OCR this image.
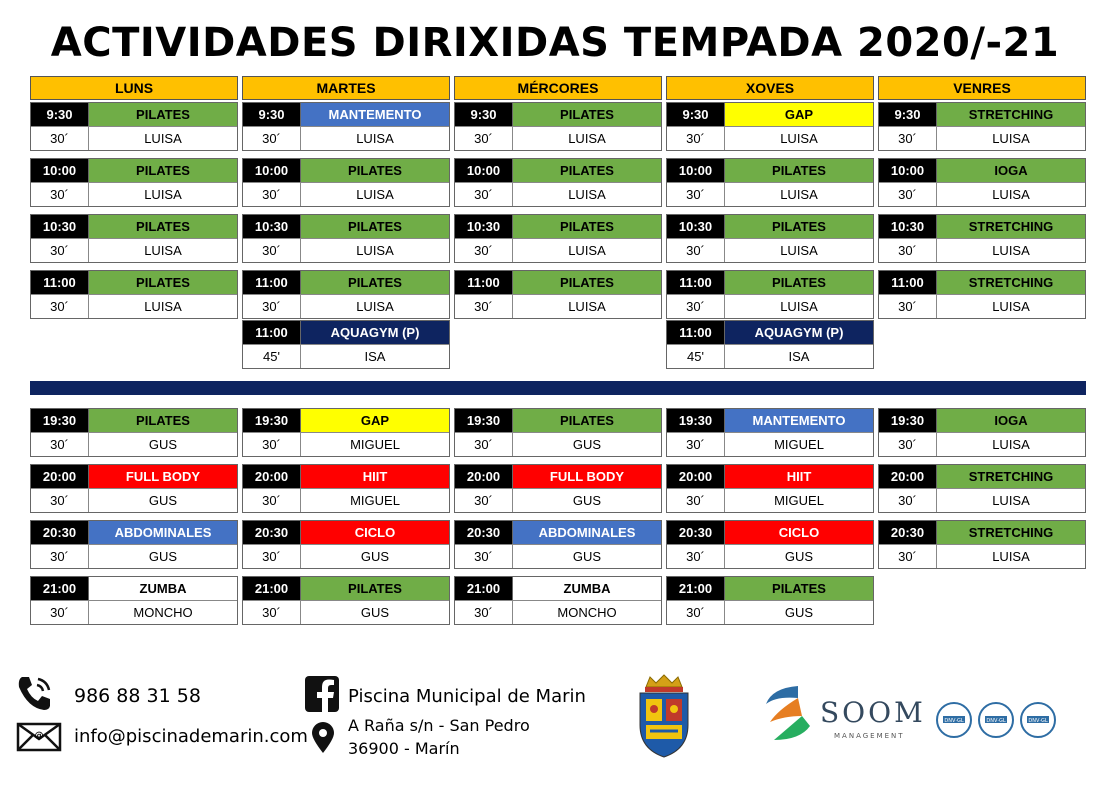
ACTIVIDADES DIRIXIDAS TEMPADA 2020/-21
LUNS
9:30	PILATES
30´	LUISA
10:00	PILATES
30´	LUISA
10:30	PILATES
30´	LUISA
11:00	PILATES
30´	LUISA
19:30	PILATES
30´	GUS
20:00	FULL BODY
30´	GUS
20:30	ABDOMINALES
30´	GUS
21:00	ZUMBA
30´	MONCHO
MARTES
9:30	MANTEMENTO
30´	LUISA
10:00	PILATES
30´	LUISA
10:30	PILATES
30´	LUISA
11:00	PILATES
30´	LUISA
11:00	AQUAGYM (P)
45'	ISA
19:30	GAP
30´	MIGUEL
20:00	HIIT
30´	MIGUEL
20:30	CICLO
30´	GUS
21:00	PILATES
30´	GUS
MÉRCORES
9:30	PILATES
30´	LUISA
10:00	PILATES
30´	LUISA
10:30	PILATES
30´	LUISA
11:00	PILATES
30´	LUISA
19:30	PILATES
30´	GUS
20:00	FULL BODY
30´	GUS
20:30	ABDOMINALES
30´	GUS
21:00	ZUMBA
30´	MONCHO
XOVES
9:30	GAP
30´	LUISA
10:00	PILATES
30´	LUISA
10:30	PILATES
30´	LUISA
11:00	PILATES
30´	LUISA
11:00	AQUAGYM (P)
45'	ISA
19:30	MANTEMENTO
30´	MIGUEL
20:00	HIIT
30´	MIGUEL
20:30	CICLO
30´	GUS
21:00	PILATES
30´	GUS
VENRES
9:30	STRETCHING
30´	LUISA
10:00	IOGA
30´	LUISA
10:30	STRETCHING
30´	LUISA
11:00	STRETCHING
30´	LUISA
19:30	IOGA
30´	LUISA
20:00	STRETCHING
30´	LUISA
20:30	STRETCHING
30´	LUISA
986 88 31 58
@ info@piscinademarin.com
Piscina Municipal de Marin
A Raña s/n - San Pedro
36900 - Marín
SOOM
MANAGEMENT
DNV·GL	DNV·GL	DNV·GL
